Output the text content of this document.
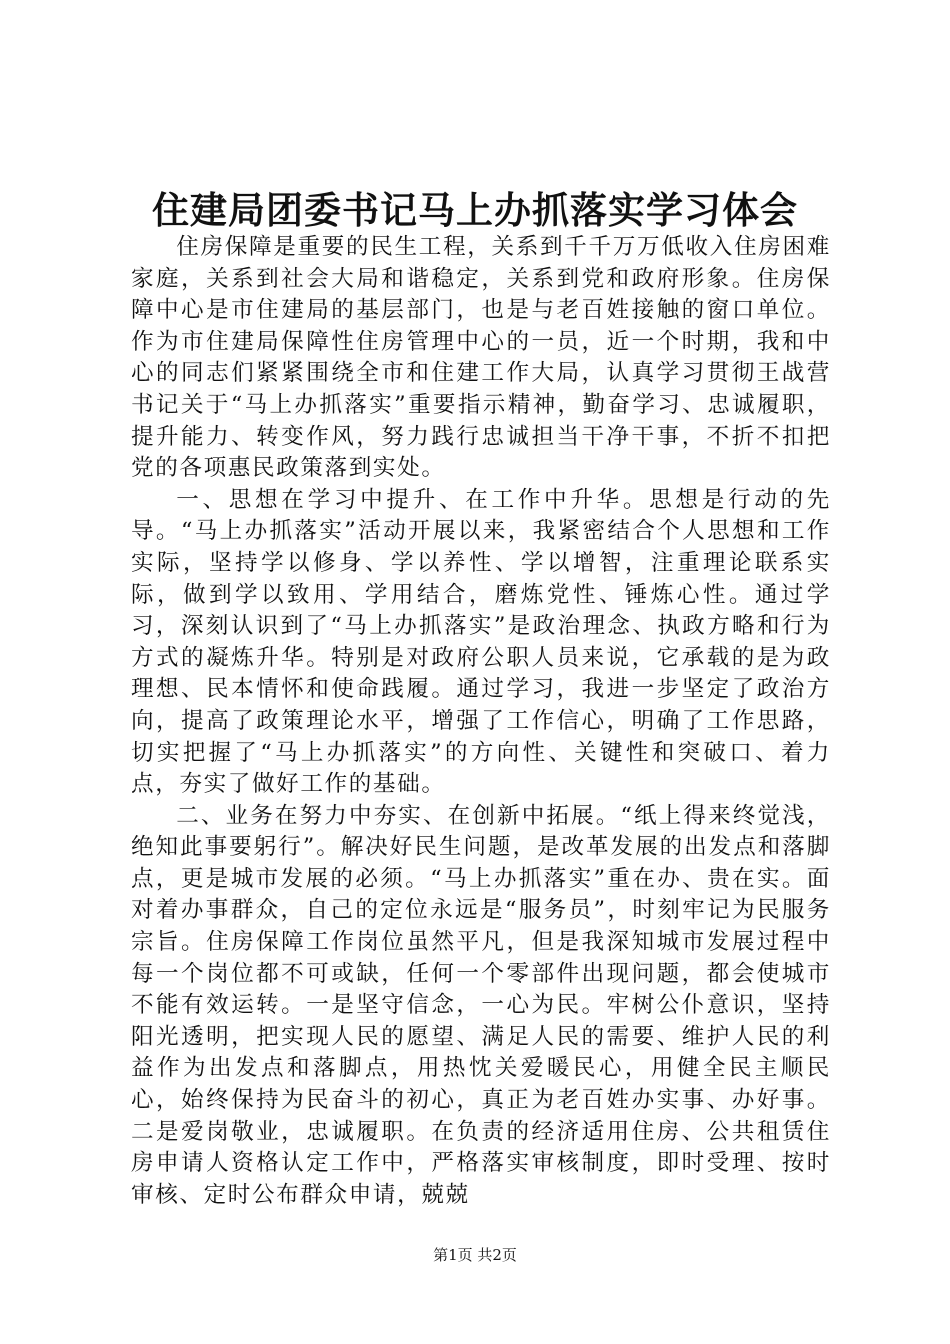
住建局团委书记马上办抓落实学习体会

住房保障是重要的民生工程，关系到千千万万低收入住房困难家庭，关系到社会大局和谐稳定，关系到党和政府形象。住房保障中心是市住建局的基层部门，也是与老百姓接触的窗口单位。作为市住建局保障性住房管理中心的一员，近一个时期，我和中心的同志们紧紧围绕全市和住建工作大局，认真学习贯彻王战营书记关于“马上办抓落实”重要指示精神，勤奋学习、忠诚履职，提升能力、转变作风，努力践行忠诚担当干净干事，不折不扣把党的各项惠民政策落到实处。

一、思想在学习中提升、在工作中升华。思想是行动的先导。“马上办抓落实”活动开展以来，我紧密结合个人思想和工作实际，坚持学以修身、学以养性、学以增智，注重理论联系实际，做到学以致用、学用结合，磨炼党性、锤炼心性。通过学习，深刻认识到了“马上办抓落实”是政治理念、执政方略和行为方式的凝炼升华。特别是对政府公职人员来说，它承载的是为政理想、民本情怀和使命践履。通过学习，我进一步坚定了政治方向，提高了政策理论水平，增强了工作信心，明确了工作思路，切实把握了“马上办抓落实”的方向性、关键性和突破口、着力点，夯实了做好工作的基础。

二、业务在努力中夯实、在创新中拓展。“纸上得来终觉浅，绝知此事要躬行”。解决好民生问题，是改革发展的出发点和落脚点，更是城市发展的必须。“马上办抓落实”重在办、贵在实。面对着办事群众，自己的定位永远是“服务员”，时刻牢记为民服务宗旨。住房保障工作岗位虽然平凡，但是我深知城市发展过程中每一个岗位都不可或缺，任何一个零部件出现问题，都会使城市不能有效运转。一是坚守信念，一心为民。牢树公仆意识，坚持阳光透明，把实现人民的愿望、满足人民的需要、维护人民的利益作为出发点和落脚点，用热忱关爱暖民心，用健全民主顺民心，始终保持为民奋斗的初心，真正为老百姓办实事、办好事。二是爱岗敬业，忠诚履职。在负责的经济适用住房、公共租赁住房申请人资格认定工作中，严格落实审核制度，即时受理、按时审核、定时公布群众申请，兢兢

第1页 共2页
